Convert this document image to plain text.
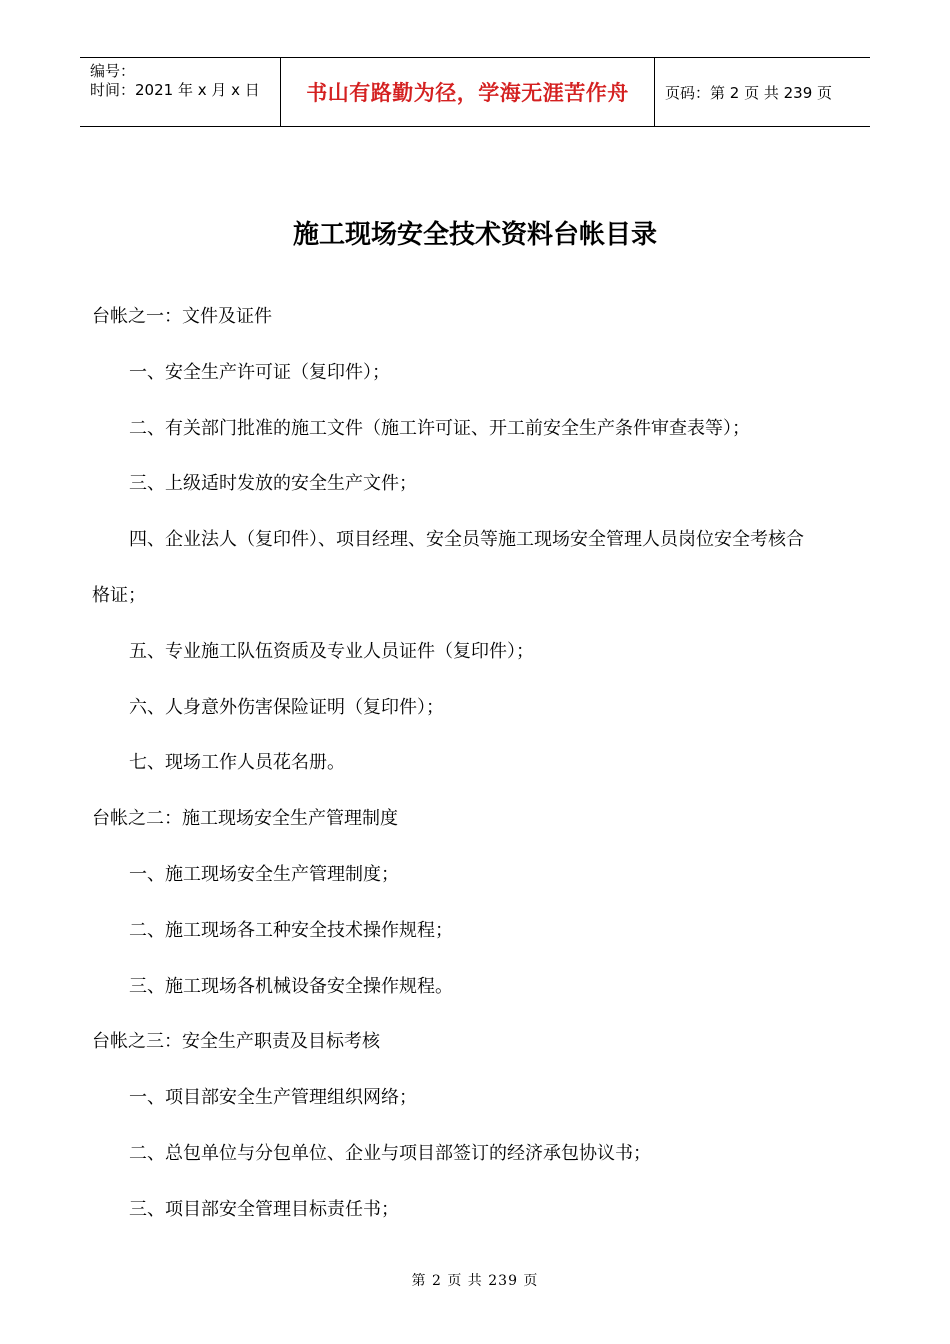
编号：
时间：2021 年 x 月 x 日	书山有路勤为径，学海无涯苦作舟	页码：第 2 页 共 239 页
施工现场安全技术资料台帐目录
台帐之一：文件及证件
一、安全生产许可证（复印件）；
二、有关部门批准的施工文件（施工许可证、开工前安全生产条件审查表等）；
三、上级适时发放的安全生产文件；
四、企业法人（复印件）、项目经理、安全员等施工现场安全管理人员岗位安全考核合
格证；
五、专业施工队伍资质及专业人员证件（复印件）；
六、人身意外伤害保险证明（复印件）；
七、现场工作人员花名册。
台帐之二：施工现场安全生产管理制度
一、施工现场安全生产管理制度；
二、施工现场各工种安全技术操作规程；
三、施工现场各机械设备安全操作规程。
台帐之三：安全生产职责及目标考核
一、项目部安全生产管理组织网络；
二、总包单位与分包单位、企业与项目部签订的经济承包协议书；
三、项目部安全管理目标责任书；
第 2 页 共 239 页
